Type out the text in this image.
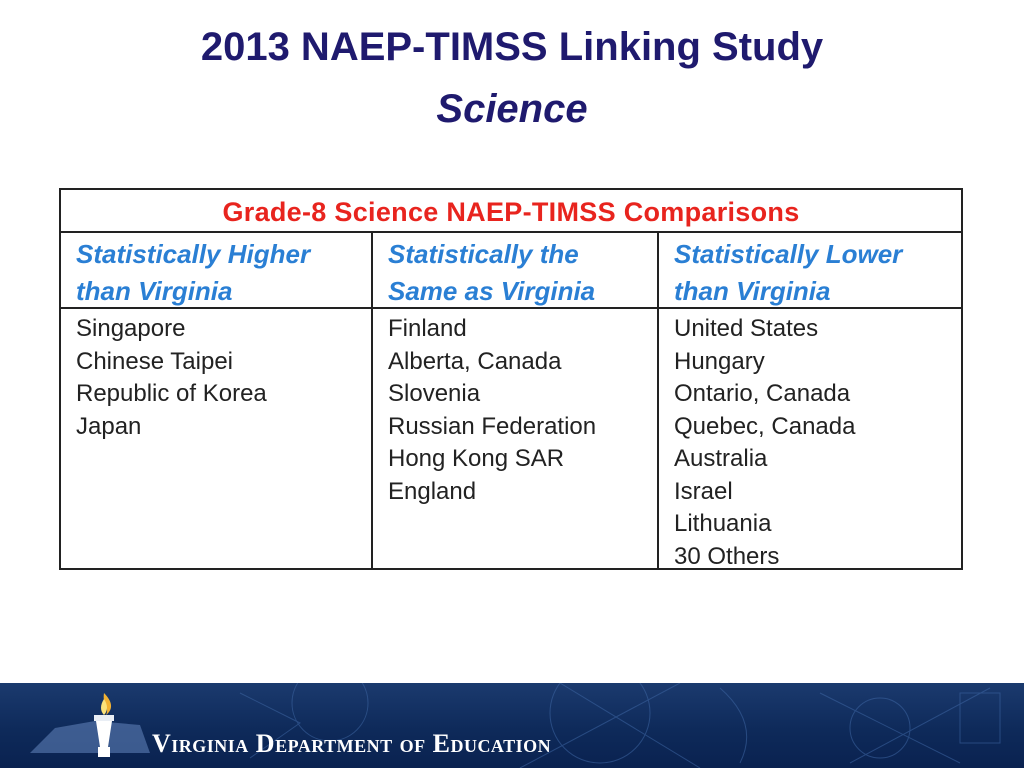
2013 NAEP-TIMSS Linking Study
Science
Grade-8 Science NAEP-TIMSS Comparisons
Statistically Higher
than Virginia
Singapore
Chinese Taipei
Republic of Korea
Japan
Statistically the
Same as Virginia
Finland
Alberta, Canada
Slovenia
Russian Federation
Hong Kong SAR
England
Statistically Lower
than Virginia
United States
Hungary
Ontario, Canada
Quebec, Canada
Australia
Israel
Lithuania
30 Others
Virginia Department of Education
